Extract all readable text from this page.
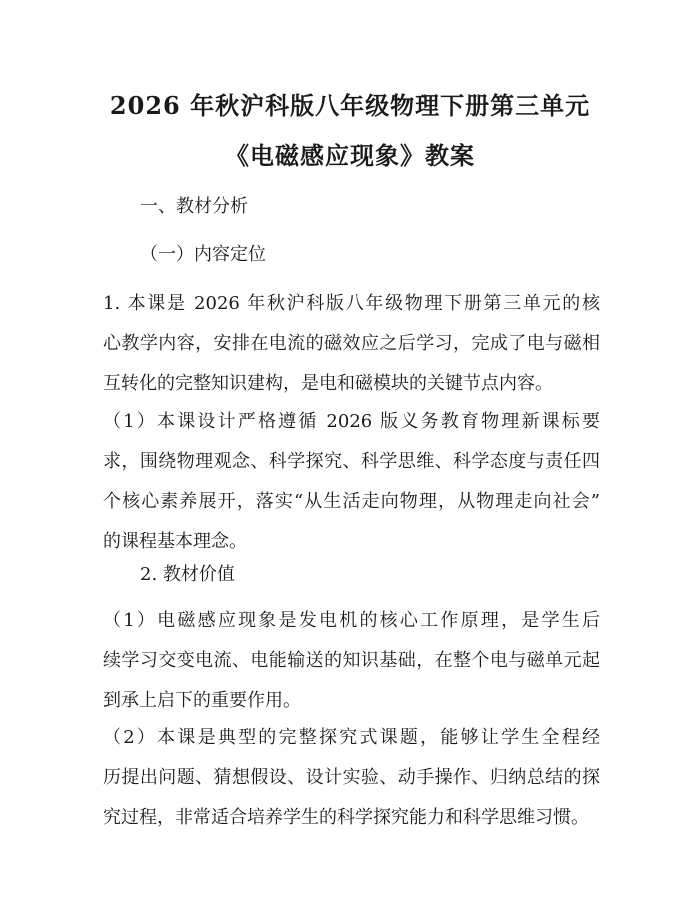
2026 年秋沪科版八年级物理下册第三单元
《电磁感应现象》教案
一、教材分析
（一）内容定位
1. 本课是 2026 年秋沪科版八年级物理下册第三单元的核
心教学内容，安排在电流的磁效应之后学习，完成了电与磁相
互转化的完整知识建构，是电和磁模块的关键节点内容。
（1）本课设计严格遵循 2026 版义务教育物理新课标要
求，围绕物理观念、科学探究、科学思维、科学态度与责任四
个核心素养展开，落实“从生活走向物理，从物理走向社会”
的课程基本理念。
2. 教材价值
（1）电磁感应现象是发电机的核心工作原理，是学生后
续学习交变电流、电能输送的知识基础，在整个电与磁单元起
到承上启下的重要作用。
（2）本课是典型的完整探究式课题，能够让学生全程经
历提出问题、猜想假设、设计实验、动手操作、归纳总结的探
究过程，非常适合培养学生的科学探究能力和科学思维习惯。
